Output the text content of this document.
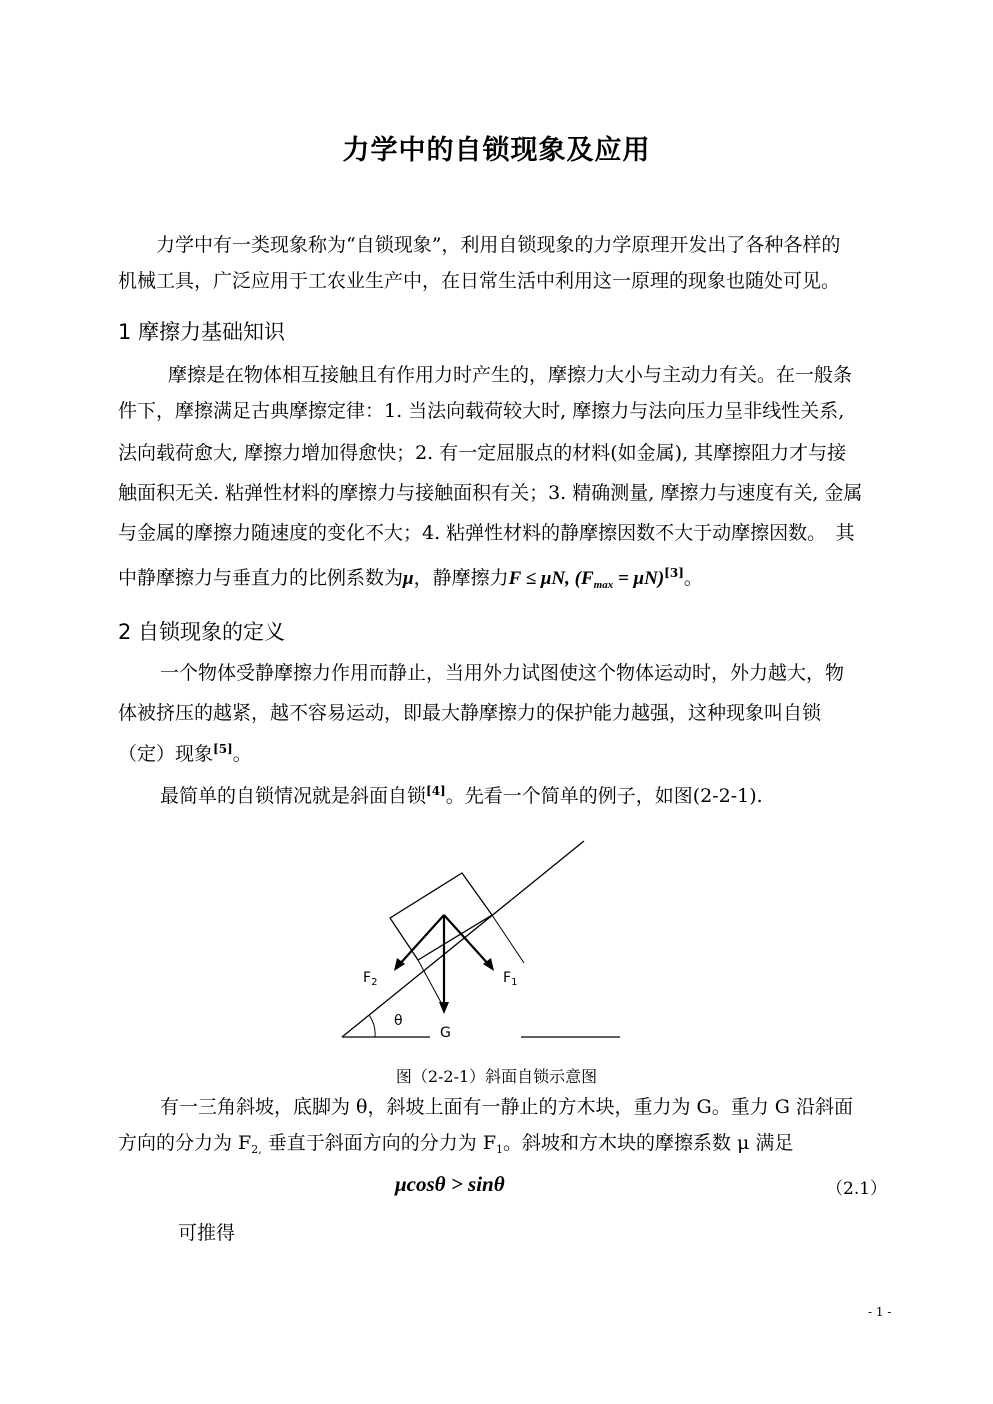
力学中的自锁现象及应用
力学中有一类现象称为“自锁现象”，利用自锁现象的力学原理开发出了各种各样的
机械工具，广泛应用于工农业生产中，在日常生活中利用这一原理的现象也随处可见。
1 摩擦力基础知识
摩擦是在物体相互接触且有作用力时产生的，摩擦力大小与主动力有关。在一般条
件下，摩擦满足古典摩擦定律：1. 当法向载荷较大时, 摩擦力与法向压力呈非线性关系,
法向载荷愈大, 摩擦力增加得愈快；2. 有一定屈服点的材料(如金属), 其摩擦阻力才与接
触面积无关. 粘弹性材料的摩擦力与接触面积有关；3. 精确测量, 摩擦力与速度有关, 金属
与金属的摩擦力随速度的变化不大；4. 粘弹性材料的静摩擦因数不大于动摩擦因数。　其
中静摩擦力与垂直力的比例系数为μ，静摩擦力F ≤ μN, $(F_{max} = \mu N)[3]$。
2 自锁现象的定义
一个物体受静摩擦力作用而静止，当用外力试图使这个物体运动时，外力越大，物
体被挤压的越紧，越不容易运动，即最大静摩擦力的保护能力越强，这种现象叫自锁
（定）现象[5]。
最简单的自锁情况就是斜面自锁[4]。先看一个简单的例子，如图(2-2-1).
$F_2$	$F_1$
θ
G
图（2-2-1）斜面自锁示意图
有一三角斜坡，底脚为 θ，斜坡上面有一静止的方木块，重力为 G。重力 G 沿斜面
方向的分力为 $F_{2,}$ 垂直于斜面方向的分力为 $F_1$。斜坡和方木块的摩擦系数 μ 满足
μcosθ > sinθ	（2.1）
可推得
- 1 -
